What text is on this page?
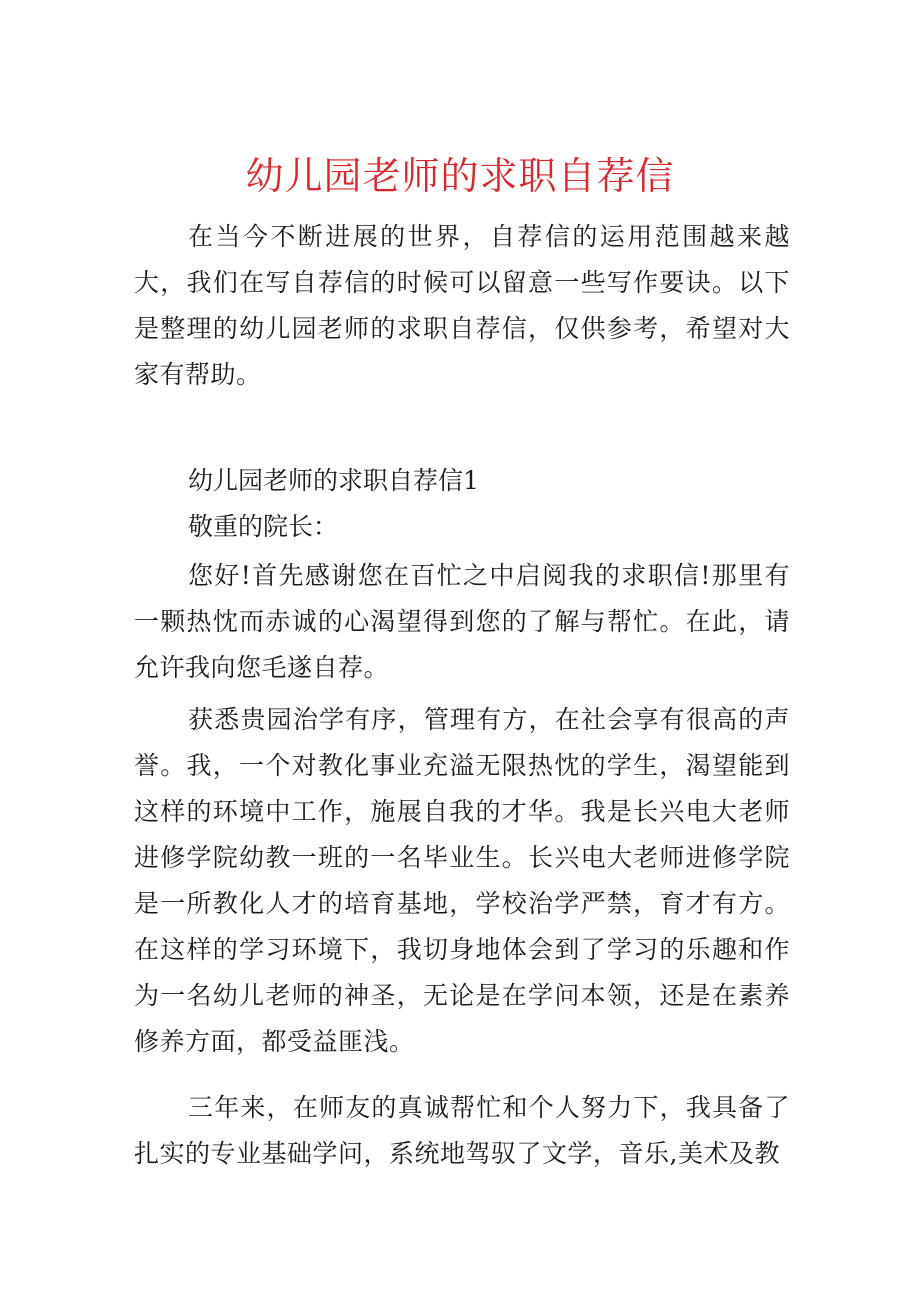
幼儿园老师的求职自荐信

在当今不断进展的世界，自荐信的运用范围越来越大，我们在写自荐信的时候可以留意一些写作要诀。以下是整理的幼儿园老师的求职自荐信，仅供参考，希望对大家有帮助。

幼儿园老师的求职自荐信1

敬重的院长：

您好!首先感谢您在百忙之中启阅我的求职信!那里有一颗热忱而赤诚的心渴望得到您的了解与帮忙。在此，请允许我向您毛遂自荐。

获悉贵园治学有序，管理有方，在社会享有很高的声誉。我，一个对教化事业充溢无限热忱的学生，渴望能到这样的环境中工作，施展自我的才华。我是长兴电大老师进修学院幼教一班的一名毕业生。长兴电大老师进修学院是一所教化人才的培育基地，学校治学严禁，育才有方。在这样的学习环境下，我切身地体会到了学习的乐趣和作为一名幼儿老师的神圣，无论是在学问本领，还是在素养修养方面，都受益匪浅。

三年来，在师友的真诚帮忙和个人努力下，我具备了扎实的专业基础学问，系统地驾驭了文学，音乐,美术及教
